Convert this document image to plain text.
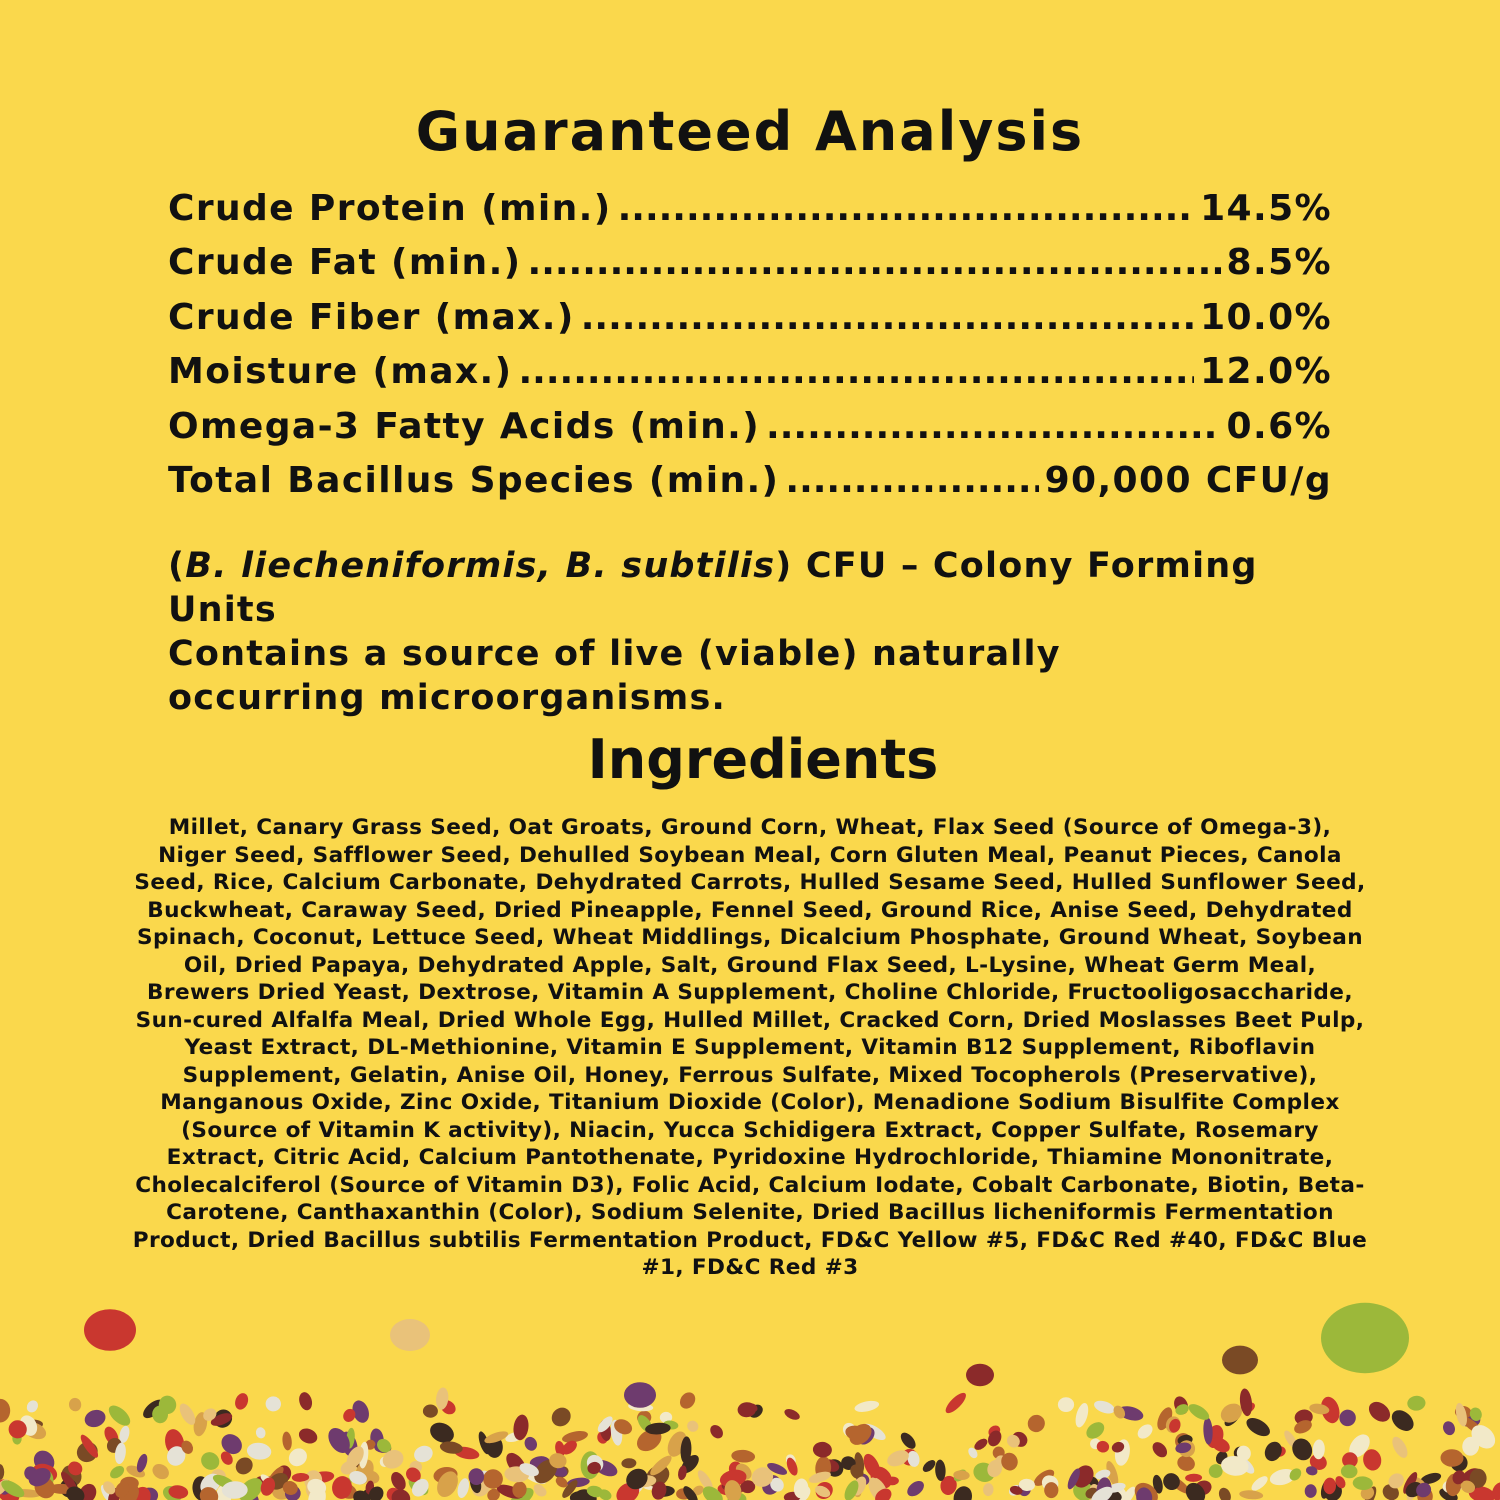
Guaranteed Analysis
Crude Protein (min.) .....	14.5%
Crude Fat (min.) .....	8.5%
Crude Fiber (max.) .....	10.0%
Moisture (max.) .....	12.0%
Omega-3 Fatty Acids (min.) .....	0.6%
Total Bacillus Species (min.) .....	90,000 CFU/g
(B. liecheniformis, B. subtilis) CFU – Colony Forming Units
Contains a source of live (viable) naturally
occurring microorganisms.
Ingredients
Millet, Canary Grass Seed, Oat Groats, Ground Corn, Wheat, Flax Seed (Source of Omega-3), Niger Seed, Safflower Seed, Dehulled Soybean Meal, Corn Gluten Meal, Peanut Pieces, Canola Seed, Rice, Calcium Carbonate, Dehydrated Carrots, Hulled Sesame Seed, Hulled Sunflower Seed, Buckwheat, Caraway Seed, Dried Pineapple, Fennel Seed, Ground Rice, Anise Seed, Dehydrated Spinach, Coconut, Lettuce Seed, Wheat Middlings, Dicalcium Phosphate, Ground Wheat, Soybean Oil, Dried Papaya, Dehydrated Apple, Salt, Ground Flax Seed, L-Lysine, Wheat Germ Meal, Brewers Dried Yeast, Dextrose, Vitamin A Supplement, Choline Chloride, Fructooligosaccharide, Sun-cured Alfalfa Meal, Dried Whole Egg, Hulled Millet, Cracked Corn, Dried Moslasses Beet Pulp, Yeast Extract, DL-Methionine, Vitamin E Supplement, Vitamin B12 Supplement, Riboflavin Supplement, Gelatin, Anise Oil, Honey, Ferrous Sulfate, Mixed Tocopherols (Preservative), Manganous Oxide, Zinc Oxide, Titanium Dioxide (Color), Menadione Sodium Bisulfite Complex (Source of Vitamin K activity), Niacin, Yucca Schidigera Extract, Copper Sulfate, Rosemary Extract, Citric Acid, Calcium Pantothenate, Pyridoxine Hydrochloride, Thiamine Mononitrate, Cholecalciferol (Source of Vitamin D3), Folic Acid, Calcium Iodate, Cobalt Carbonate, Biotin, Beta-Carotene, Canthaxanthin (Color), Sodium Selenite, Dried Bacillus licheniformis Fermentation Product, Dried Bacillus subtilis Fermentation Product, FD&C Yellow #5, FD&C Red #40, FD&C Blue #1, FD&C Red #3
